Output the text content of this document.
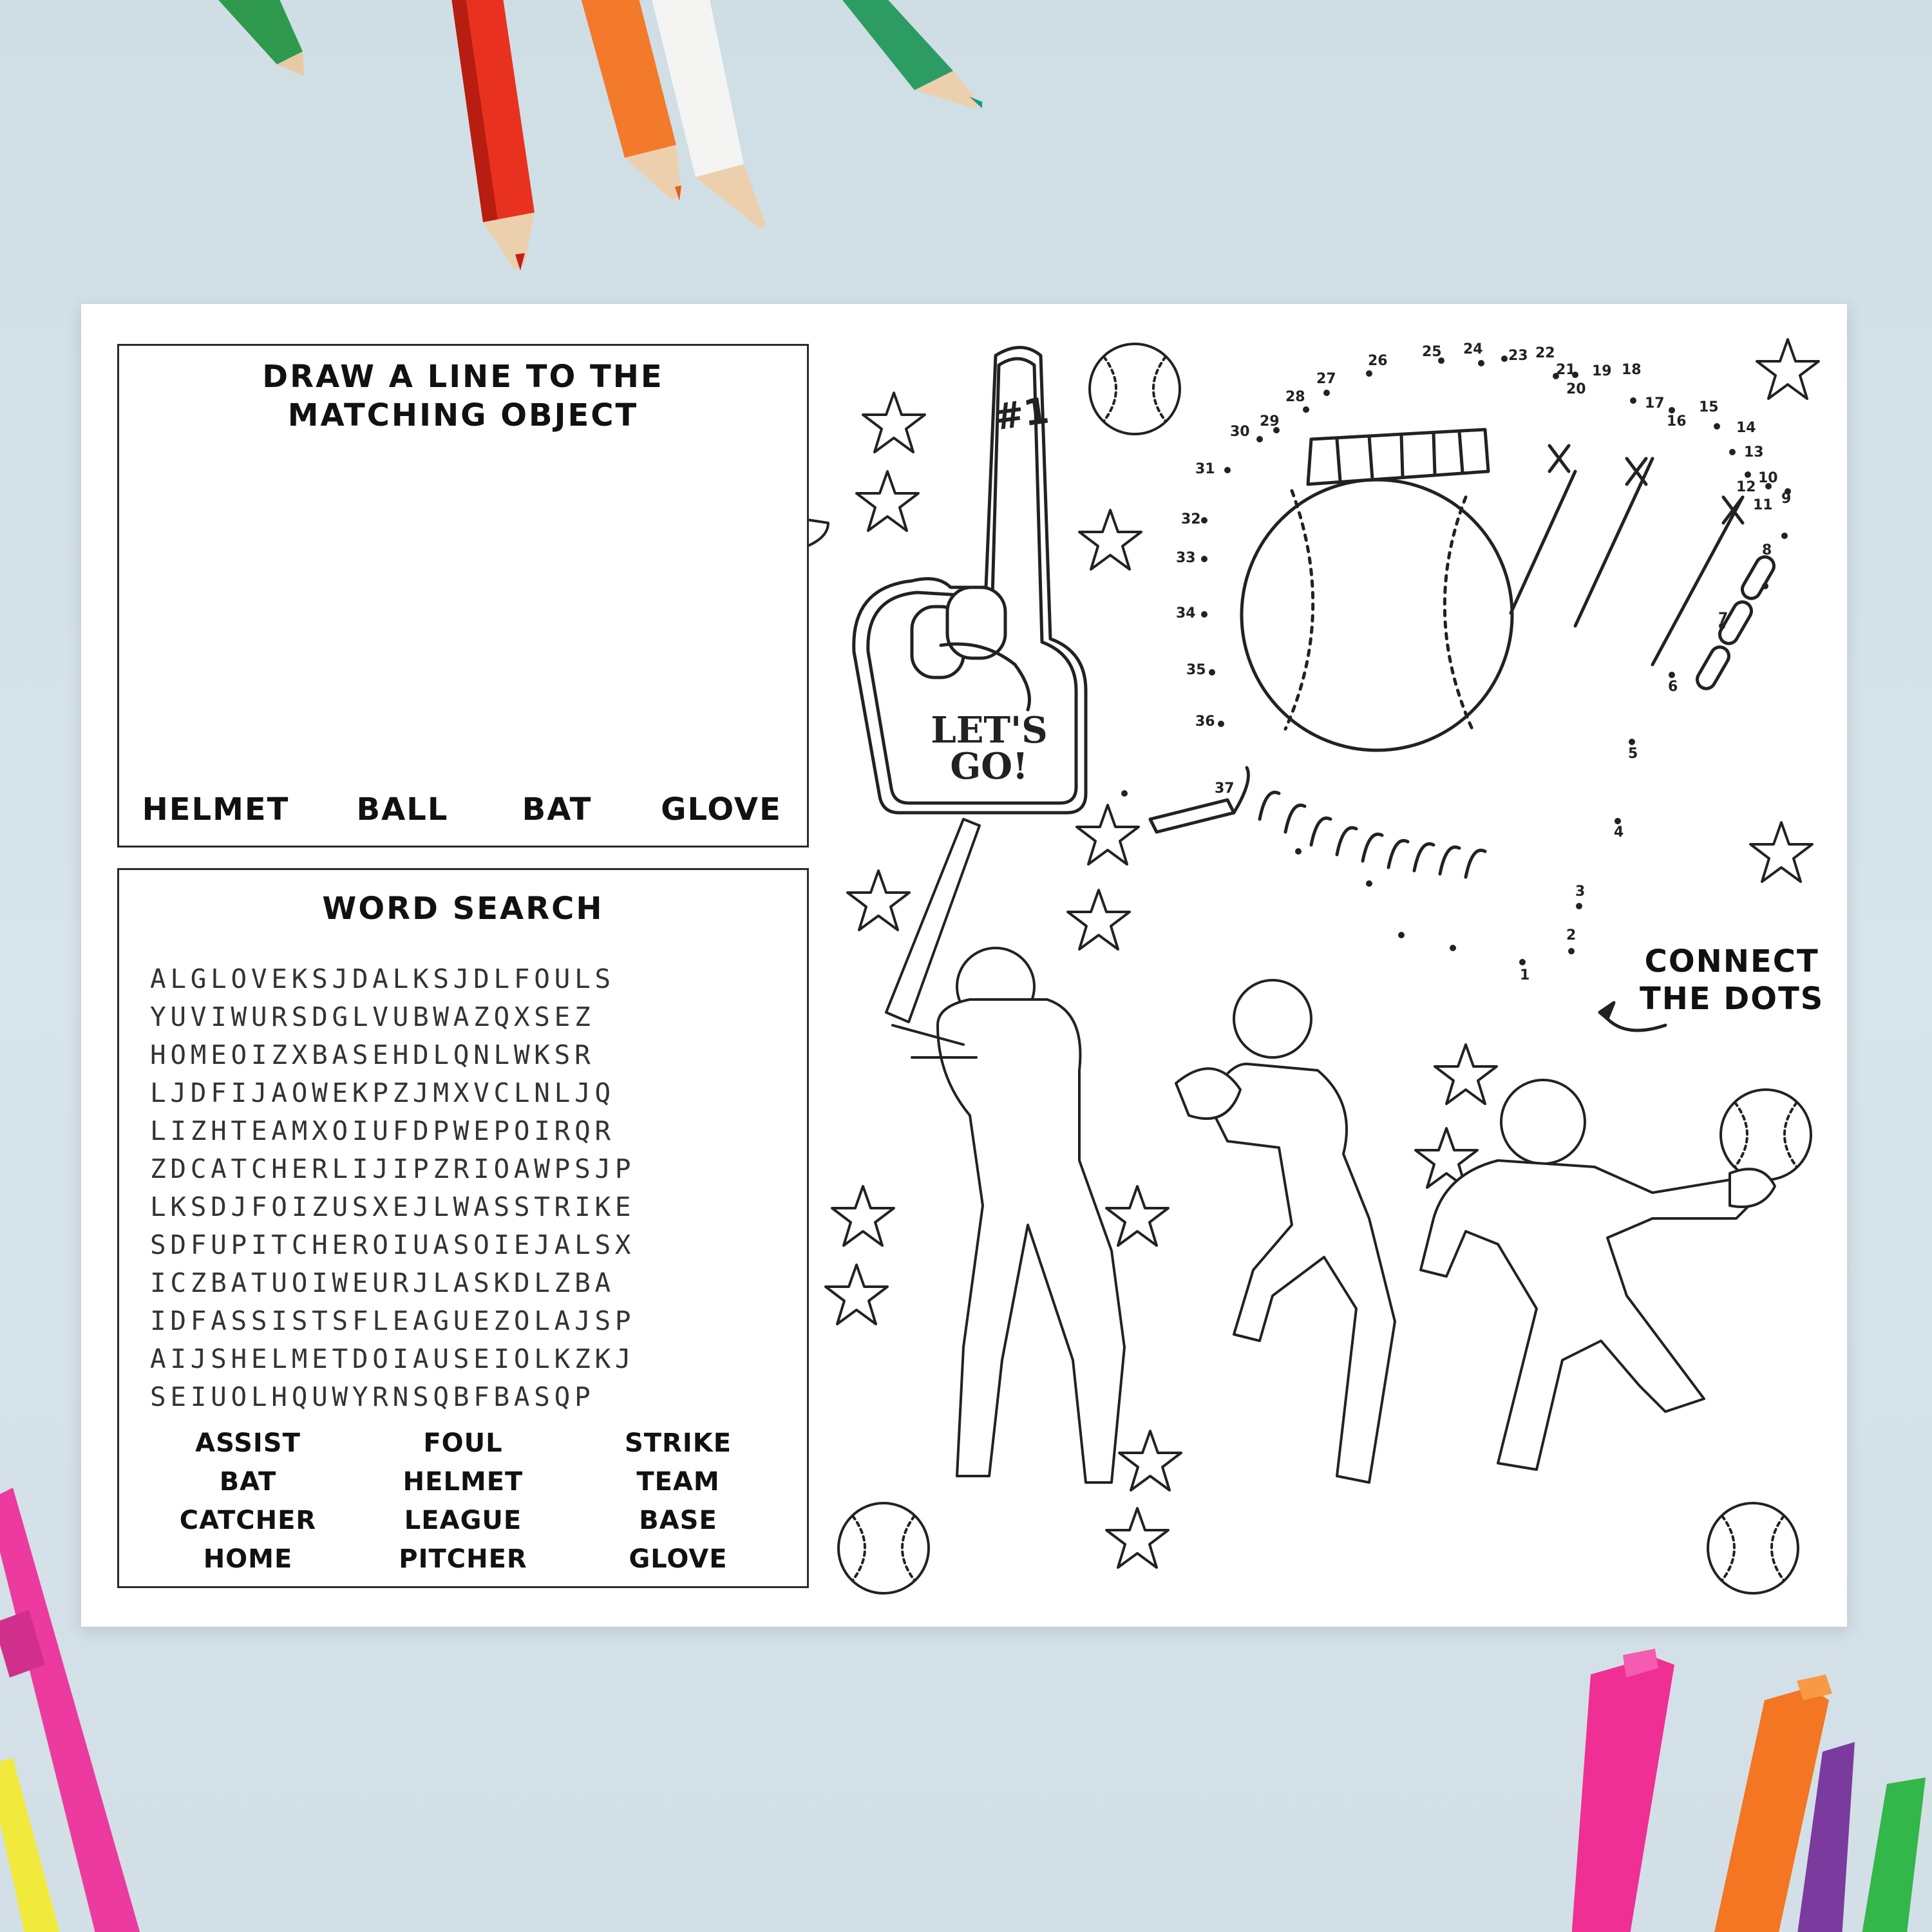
#1
LET'S
GO!
DRAW A LINE TO THE
MATCHING OBJECT
HELMET BALL BAT GLOVE
WORD SEARCH
ALGLOVEKSJDALKSJDLFOULS
YUVIWURSDGLVUBWAZQXSEZ
HOMEOIZXBASEHDLQNLWKSR
LJDFIJAOWEKPZJMXVCLNLJQ
LIZHTEAMXOIUFDPWEPOIRQR
ZDCATCHERLIJIPZRIOAWPSJP
LKSDJFOIZUSXEJLWASSTRIKE
SDFUPITCHEROIUASOIEJALSX
ICZBATUOIWEURJLASKDLZBA
IDFASSISTSFLEAGUEZOLAJSP
AIJSHELMETDOIAUSEIOLKZKJ
SEIUOLHQUWYRNSQBFBASQP
ASSIST
BAT
CATCHER
HOME
FOUL
HELMET
LEAGUE
PITCHER
STRIKE
TEAM
BASE
GLOVE
CONNECT
THE DOTS
1
2
3
4
5
6
7
8
9
10
11
12
13
14
15
16
17
18
19
20
21
22
23
24
25
26
27
28
29
30
31
32
33
34
35
36
37
